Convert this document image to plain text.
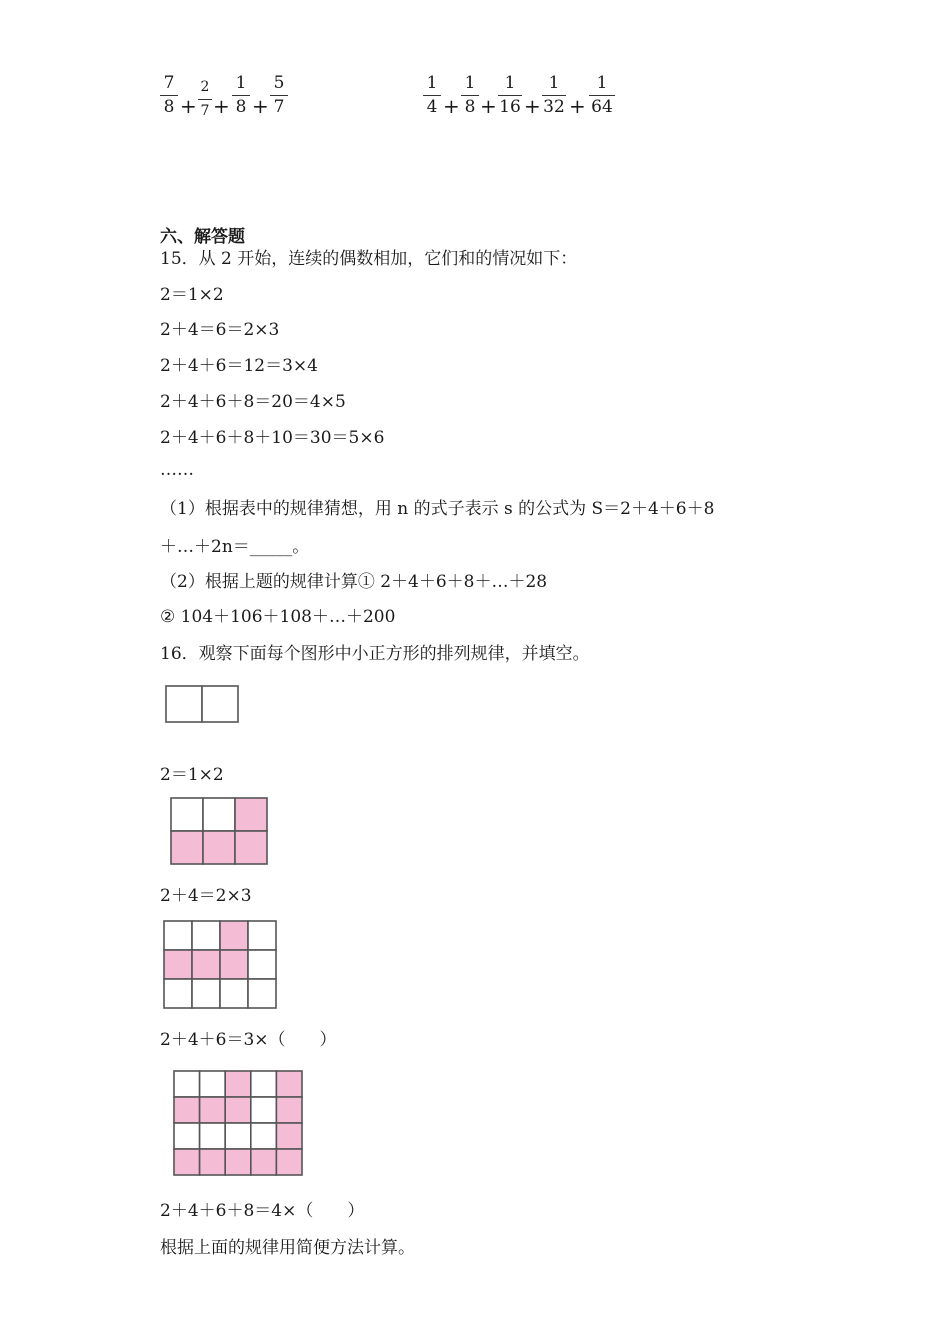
7
8 +
2
7 +
1
8 +
5
7
1
4 +
1
8 +
1
16 +
1
32 +
1
64
六、解答题
15．从 2 开始，连续的偶数相加，它们和的情况如下：
2＝1×2
2＋4＝6＝2×3
2＋4＋6＝12＝3×4
2＋4＋6＋8＝20＝4×5
2＋4＋6＋8＋10＝30＝5×6
……
（1）根据表中的规律猜想，用 n 的式子表示 s 的公式为 S＝2＋4＋6＋8
＋…＋2n＝_____。
（2）根据上题的规律计算① 2＋4＋6＋8＋…＋28
② 104＋106＋108＋…＋200
16．观察下面每个图形中小正方形的排列规律，并填空。
2＝1×2
2＋4＝2×3
2＋4＋6＝3×（　　）
2＋4＋6＋8＝4×（　　）
根据上面的规律用简便方法计算。
